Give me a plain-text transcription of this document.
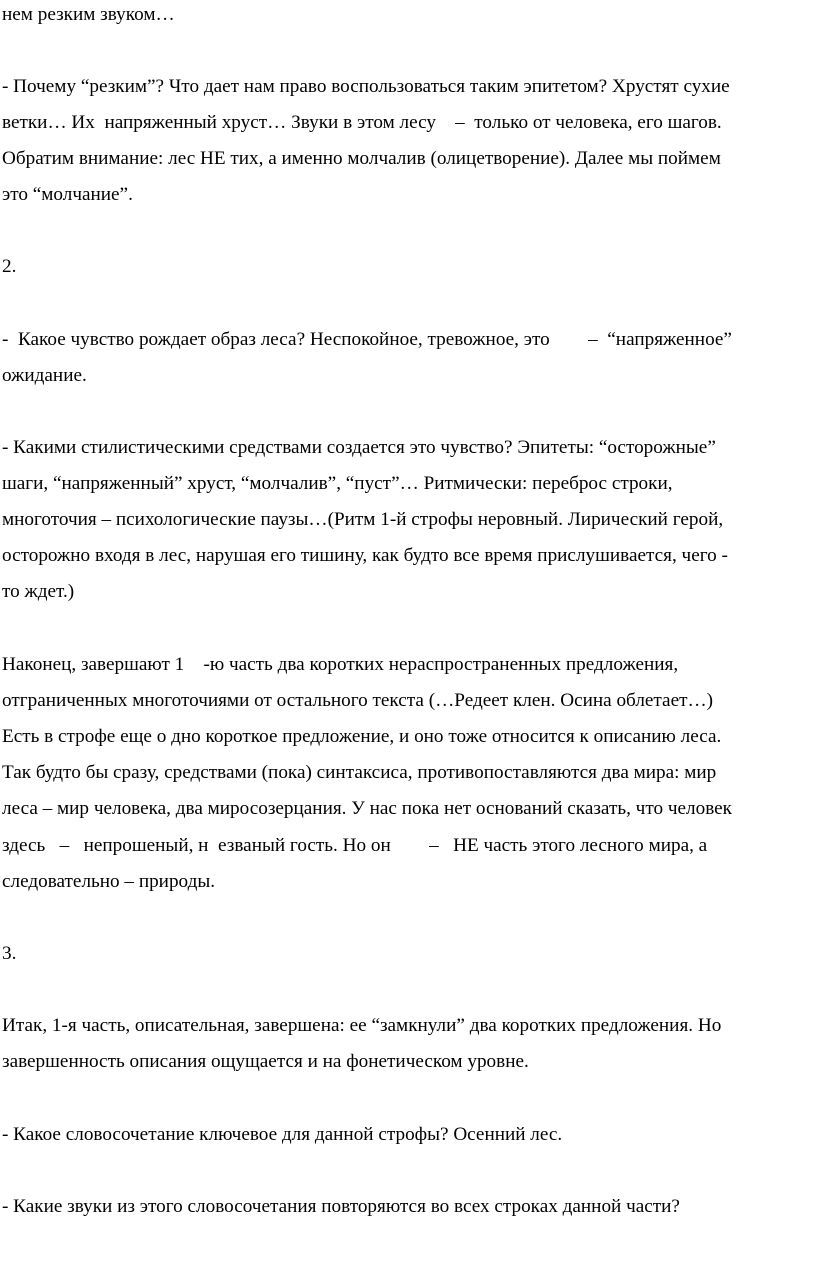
нем резким звуком…
- Почему “резким”? Что дает нам право воспользоваться таким эпитетом? Хрустят сухие
ветки… Их  напряженный хруст… Звуки в этом лесу    –  только от человека, его шагов.
Обратим внимание: лес НЕ тих, а именно молчалив (олицетворение). Далее мы поймем
это “молчание”.
2.
-  Какое чувство рождает образ леса? Неспокойное, тревожное, это        –  “напряженное”
ожидание.
- Какими стилистическими средствами создается это чувство? Эпитеты: “осторожные”
шаги, “напряженный” хруст, “молчалив”, “пуст”… Ритмически: переброс строки,
многоточия – психологические паузы…(Ритм 1-й строфы неровный. Лирический герой,
осторожно входя в лес, нарушая его тишину, как будто все время прислушивается, чего -
то ждет.)
Наконец, завершают 1    -ю часть два коротких нераспространенных предложения,
отграниченных многоточиями от остального текста (…Редеет клен. Осина облетает…)
Есть в строфе еще о дно короткое предложение, и оно тоже относится к описанию леса.
Так будто бы сразу, средствами (пока) синтаксиса, противопоставляются два мира: мир
леса – мир человека, два миросозерцания. У нас пока нет оснований сказать, что человек
здесь   –   непрошеный, н  езваный гость. Но он        –   НЕ часть этого лесного мира, а
следовательно – природы.
3.
Итак, 1-я часть, описательная, завершена: ее “замкнули” два коротких предложения. Но
завершенность описания ощущается и на фонетическом уровне.
- Какое словосочетание ключевое для данной строфы? Осенний лес.
- Какие звуки из этого словосочетания повторяются во всех строках данной части?
